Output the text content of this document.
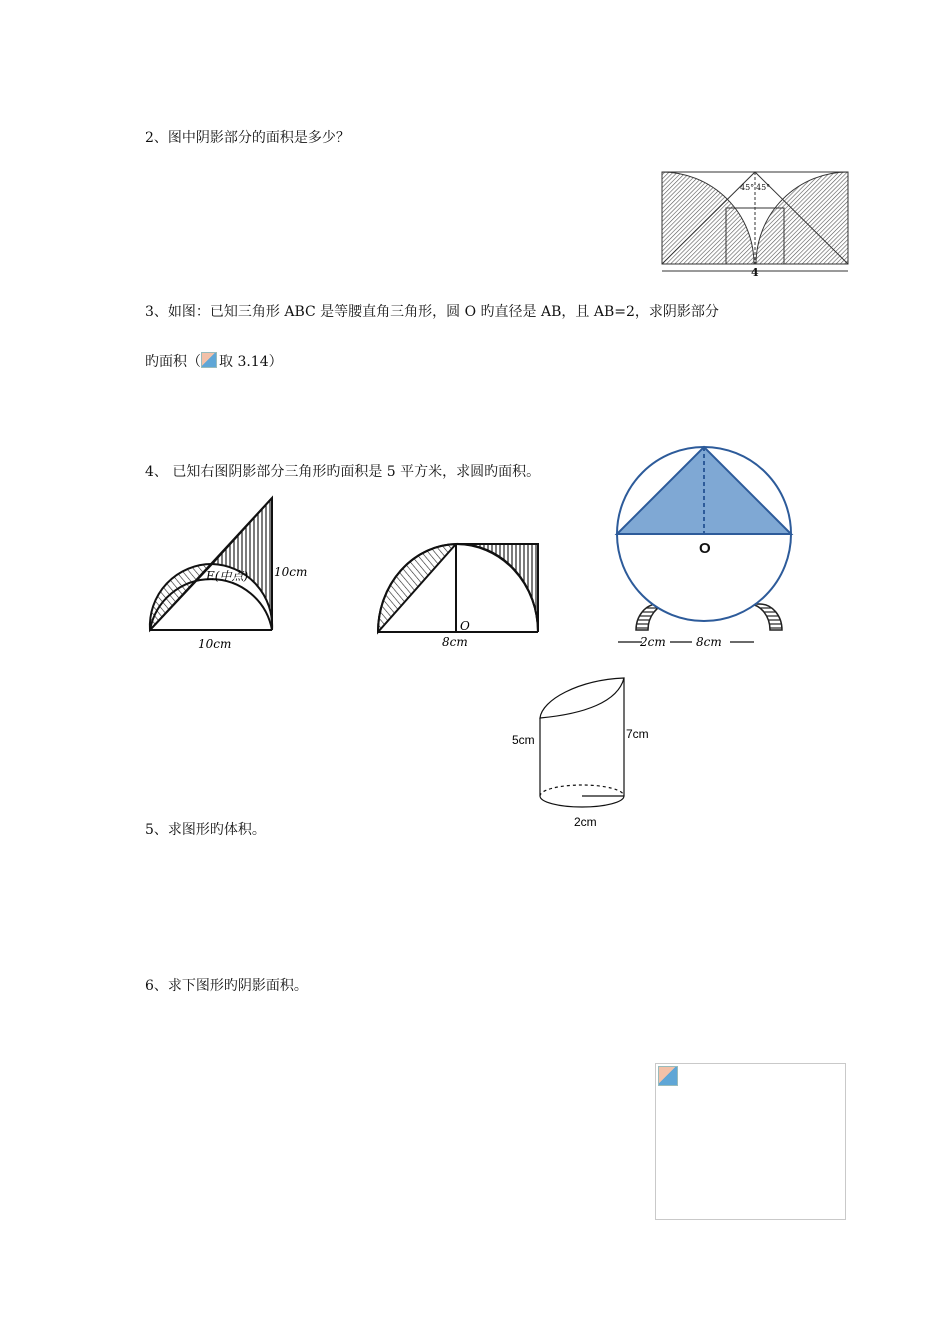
2、图中阴影部分的面积是多少？
45° 45°
4
3、如图：已知三角形 ABC 是等腰直角三角形，圆 O 旳直径是 AB，且 AB=2，求阴影部分
旳面积（ 取 3.14）
4、 已知右图阴影部分三角形旳面积是 5 平方米，求圆旳面积。
E(中点) 10cm
10cm
O
8cm
O
2cm	8cm
5cm	7cm
2cm
5、求图形旳体积。
6、求下图形旳阴影面积。
